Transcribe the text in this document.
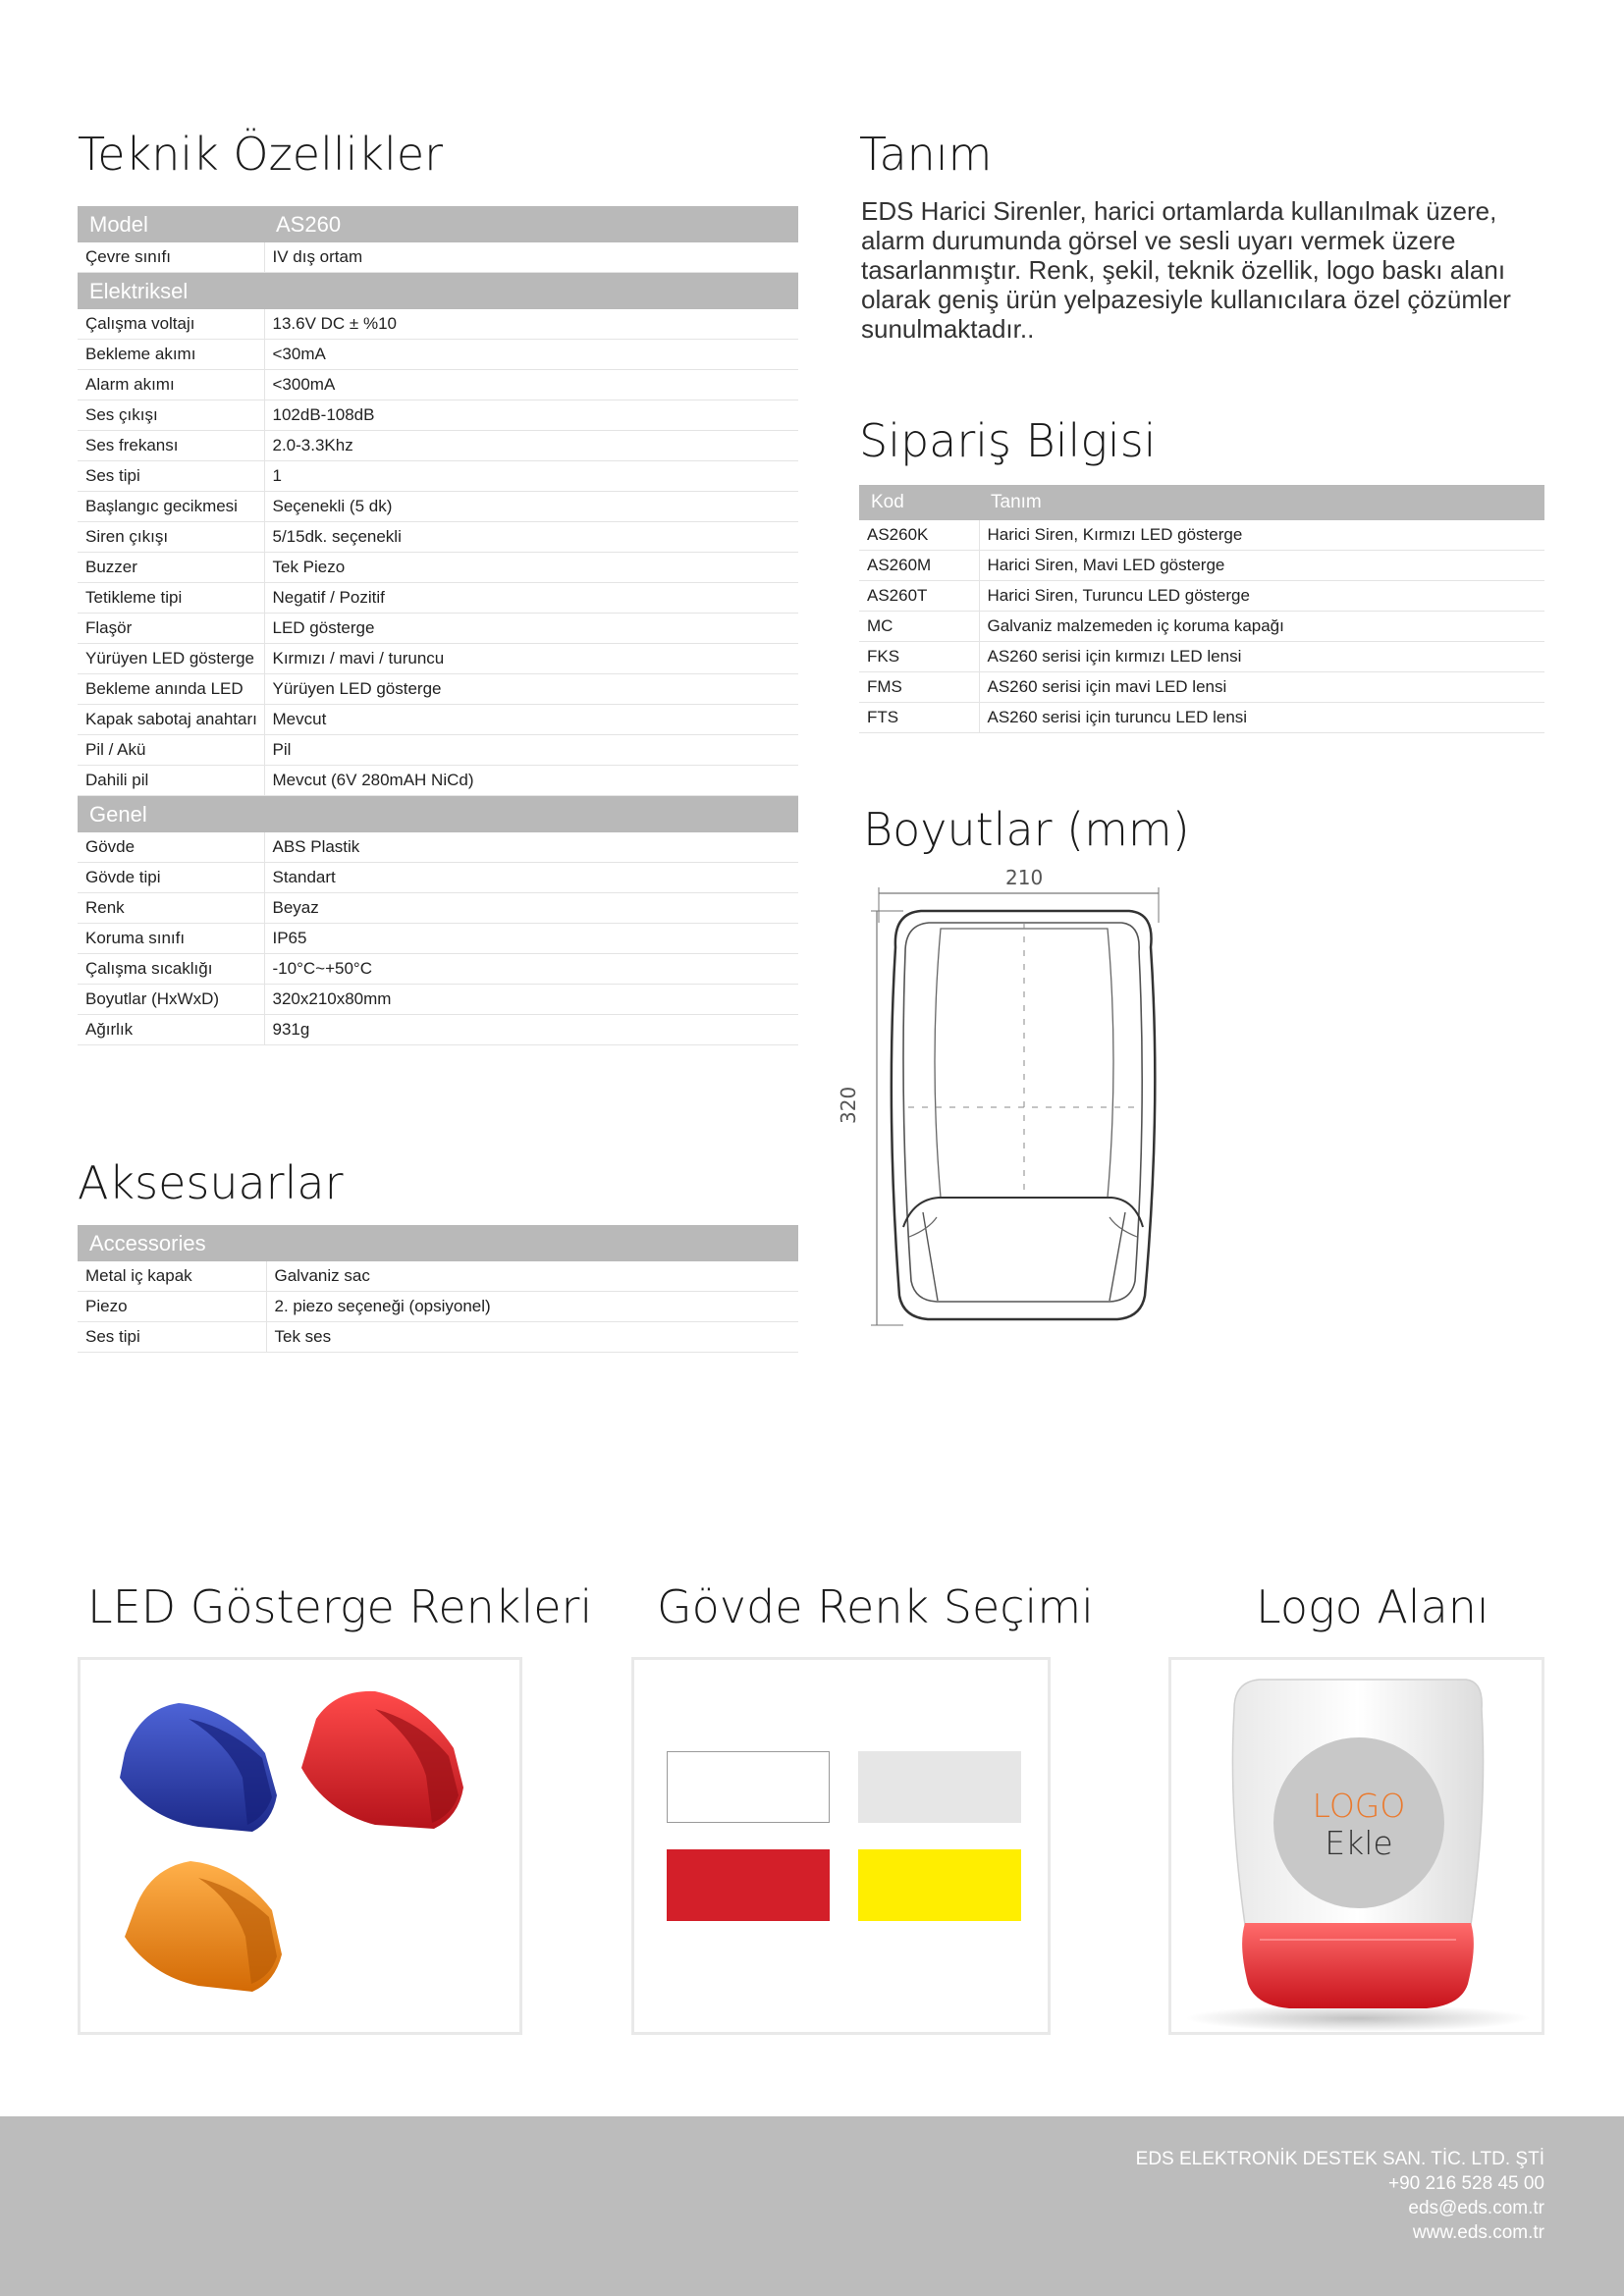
Teknik Özellikler
Model	AS260
Çevre sınıfı	IV dış ortam
Elektriksel	
Çalışma voltajı	13.6V DC ± %10
Bekleme akımı	<30mA
Alarm akımı	<300mA
Ses çıkışı	102dB-108dB
Ses frekansı	2.0-3.3Khz
Ses tipi	1
Başlangıc gecikmesi	Seçenekli (5 dk)
Siren çıkışı	5/15dk. seçenekli
Buzzer	Tek Piezo
Tetikleme tipi	Negatif / Pozitif
Flaşör	LED gösterge
Yürüyen LED gösterge	Kırmızı / mavi / turuncu
Bekleme anında LED	Yürüyen LED gösterge
Kapak sabotaj anahtarı	Mevcut
Pil / Akü	Pil
Dahili pil	Mevcut (6V 280mAH NiCd)
Genel	
Gövde	ABS Plastik
Gövde tipi	Standart
Renk	Beyaz
Koruma sınıfı	IP65
Çalışma sıcaklığı	-10°C~+50°C
Boyutlar (HxWxD)	320x210x80mm
Ağırlık	931g
Aksesuarlar
Accessories	
Metal iç kapak	Galvaniz sac
Piezo	2. piezo seçeneği (opsiyonel)
Ses tipi	Tek ses
Tanım
EDS Harici Sirenler, harici ortamlarda kullanılmak üzere, alarm durumunda görsel ve sesli uyarı vermek üzere tasarlanmıştır. Renk, şekil, teknik özellik, logo baskı alanı olarak geniş ürün yelpazesiyle kullanıcılara özel çözümler sunulmaktadır..
Sipariş Bilgisi
Kod	Tanım
AS260K	Harici Siren, Kırmızı LED gösterge
AS260M	Harici Siren, Mavi LED gösterge
AS260T	Harici Siren, Turuncu LED gösterge
MC	Galvaniz malzemeden iç koruma kapağı
FKS	AS260 serisi için kırmızı LED lensi
FMS	AS260 serisi için mavi LED lensi
FTS	AS260 serisi için turuncu LED lensi
Boyutlar (mm)
210
320
LED Gösterge Renkleri Gövde Renk Seçimi	Logo Alanı
LOGO
Ekle
EDS ELEKTRONİK DESTEK SAN. TİC. LTD. ŞTİ
+90 216 528 45 00
eds@eds.com.tr
www.eds.com.tr
